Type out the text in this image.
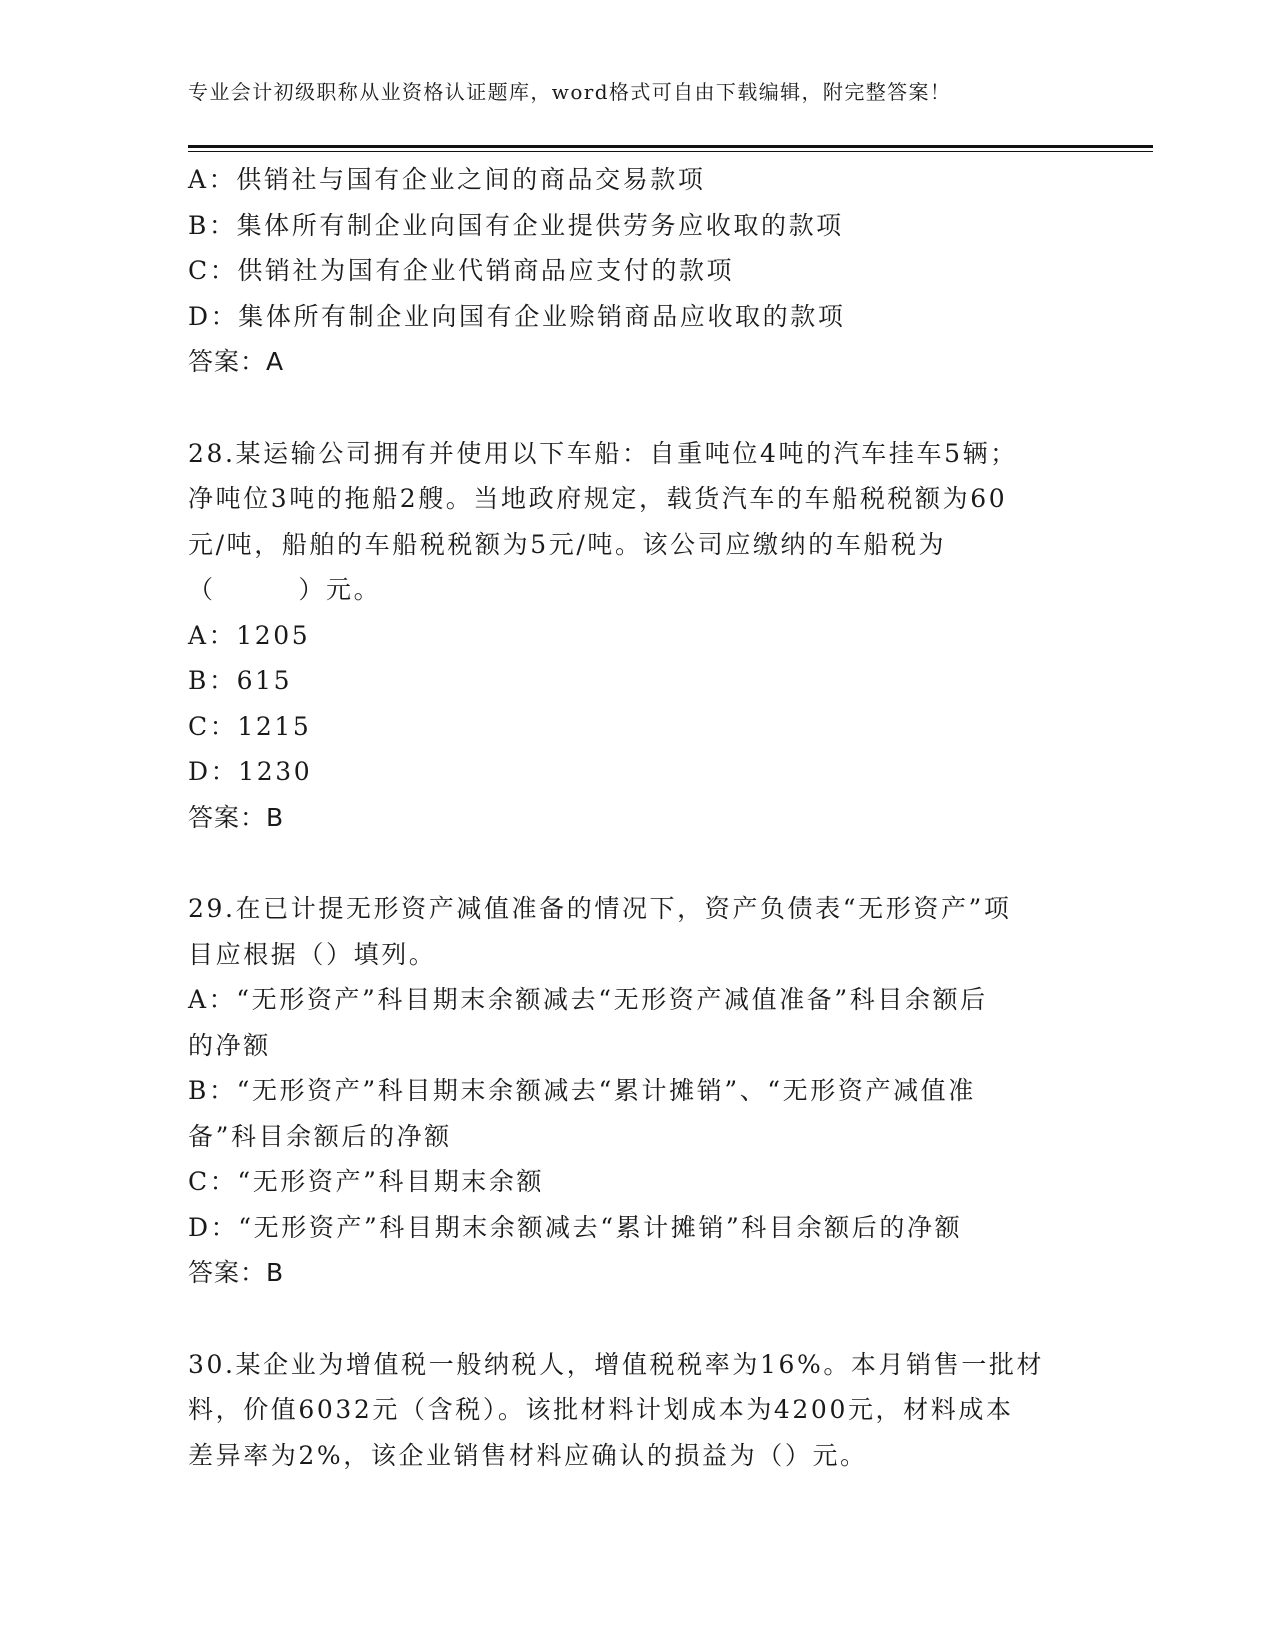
专业会计初级职称从业资格认证题库，word格式可自由下载编辑，附完整答案！
A：供销社与国有企业之间的商品交易款项
B：集体所有制企业向国有企业提供劳务应收取的款项
C：供销社为国有企业代销商品应支付的款项
D：集体所有制企业向国有企业赊销商品应收取的款项
答案：A
28.某运输公司拥有并使用以下车船：自重吨位4吨的汽车挂车5辆；
净吨位3吨的拖船2艘。当地政府规定，载货汽车的车船税税额为60
元/吨，船舶的车船税税额为5元/吨。该公司应缴纳的车船税为
（　　　）元。
A：1205
B：615
C：1215
D：1230
答案：B
29.在已计提无形资产减值准备的情况下，资产负债表“无形资产”项
目应根据（）填列。
A：“无形资产”科目期末余额减去“无形资产减值准备”科目余额后
的净额
B：“无形资产”科目期末余额减去“累计摊销”、“无形资产减值准
备”科目余额后的净额
C：“无形资产”科目期末余额
D：“无形资产”科目期末余额减去“累计摊销”科目余额后的净额
答案：B
30.某企业为增值税一般纳税人，增值税税率为16%。本月销售一批材
料，价值6032元（含税）。该批材料计划成本为4200元，材料成本
差异率为2%，该企业销售材料应确认的损益为（）元。
